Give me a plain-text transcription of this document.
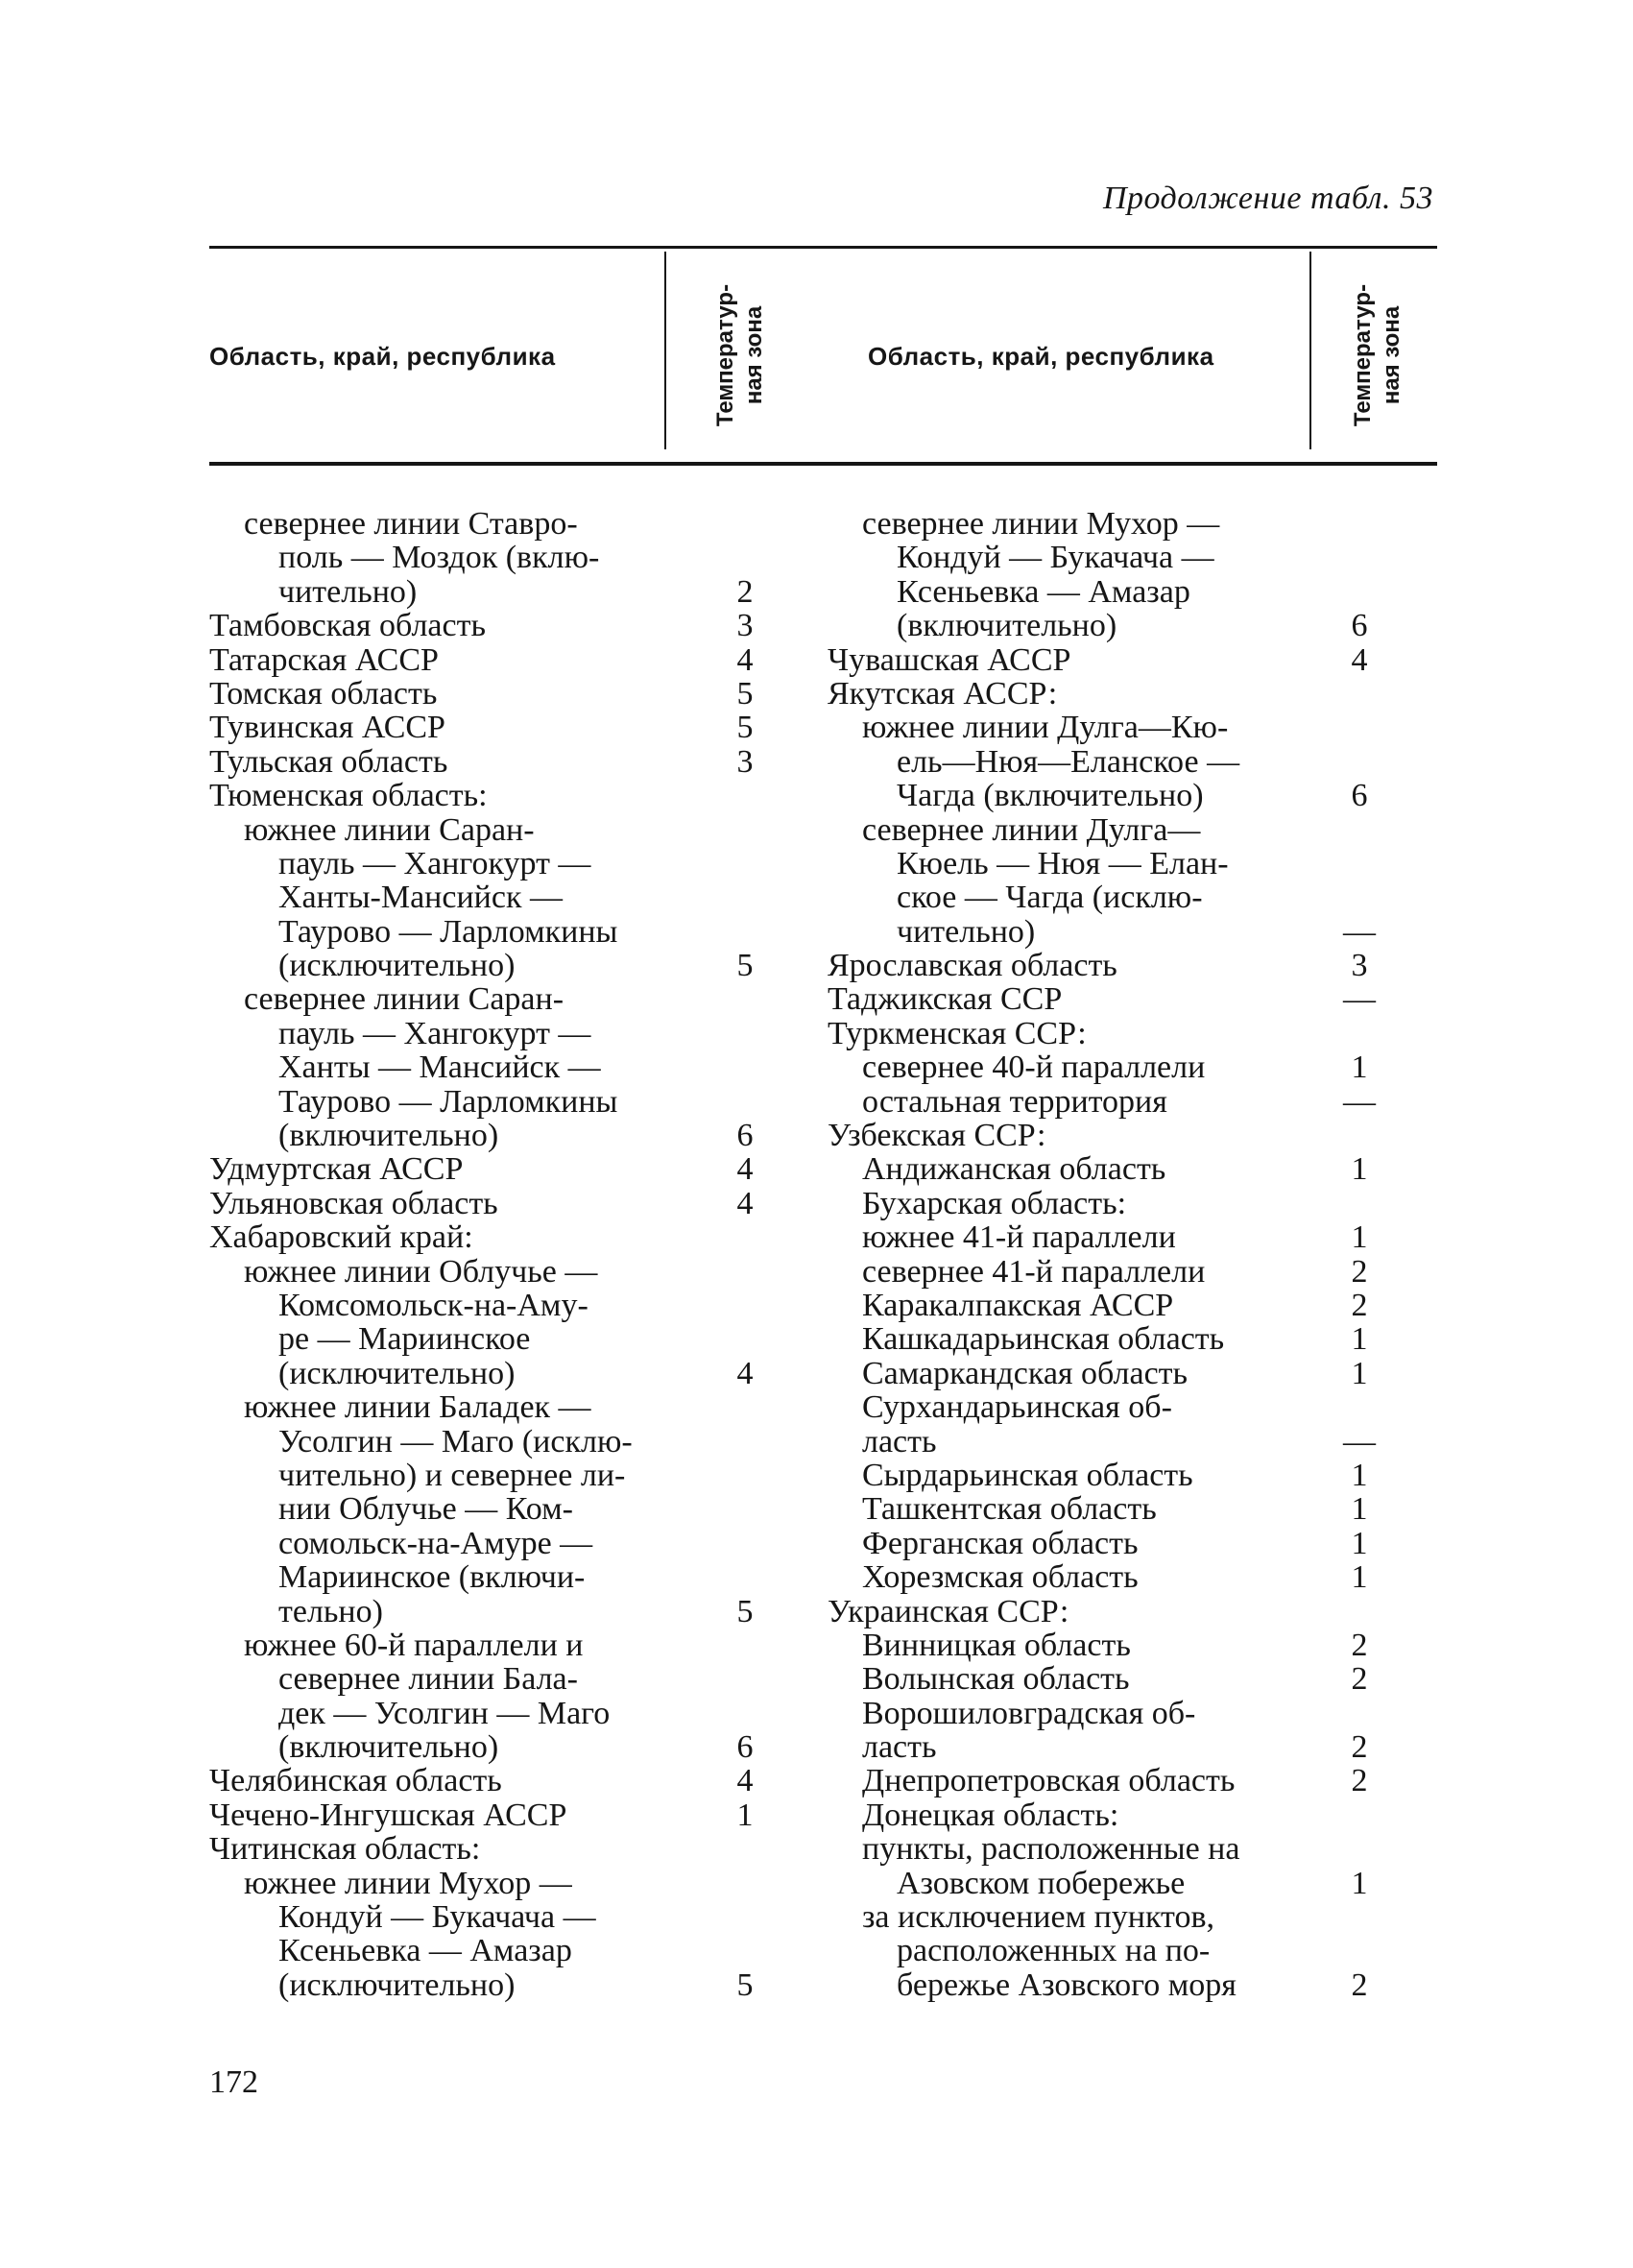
Продолжение табл. 53
Область, край, республика	Температур-
ная зона	Область, край, республика	Температур-
ная зона
севернее линии Ставро-
поль — Моздок (вклю-
чительно)	2
Тамбовская область	3
Татарская АССР	4
Томская область	5
Тувинская АССР	5
Тульская область	3
Тюменская область:
южнее линии Саран-
пауль — Хангокурт —
Ханты-Мансийск —
Таурово — Ларломкины
(исключительно)	5
севернее линии Саран-
пауль — Хангокурт —
Ханты — Мансийск —
Таурово — Ларломкины
(включительно)	6
Удмуртская АССР	4
Ульяновская область	4
Хабаровский край:
южнее линии Облучье —
Комсомольск-на-Аму-
ре — Мариинское
(исключительно)	4
южнее линии Баладек —
Усолгин — Маго (исклю-
чительно) и севернее ли-
нии Облучье — Ком-
сомольск-на-Амуре —
Мариинское (включи-
тельно)	5
южнее 60-й параллели и
севернее линии Бала-
дек — Усолгин — Маго
(включительно)	6
Челябинская область	4
Чечено-Ингушская АССР	1
Читинская область:
южнее линии Мухор —
Кондуй — Букачача —
Ксеньевка — Амазар
(исключительно)	5
севернее линии Мухор —
Кондуй — Букачача —
Ксеньевка — Амазар
(включительно)	6
Чувашская АССР	4
Якутская АССР:
южнее линии Дулга—Кю-
ель—Нюя—Еланское —
Чагда (включительно)	6
севернее линии Дулга—
Кюель — Нюя — Елан-
ское — Чагда (исклю-
чительно)	—
Ярославская область	3
Таджикская ССР	—
Туркменская ССР:
севернее 40-й параллели	1
остальная территория	—
Узбекская ССР:
Андижанская область	1
Бухарская область:
южнее 41-й параллели	1
севернее 41-й параллели	2
Каракалпакская АССР	2
Кашкадарьинская область	1
Самаркандская область	1
Сурхандарьинская об-
ласть	—
Сырдарьинская область	1
Ташкентская область	1
Ферганская область	1
Хорезмская область	1
Украинская ССР:
Винницкая область	2
Волынская область	2
Ворошиловградская об-
ласть	2
Днепропетровская область	2
Донецкая область:
пункты, расположенные на
Азовском побережье	1
за исключением пунктов,
расположенных на по-
бережье Азовского моря	2
172
